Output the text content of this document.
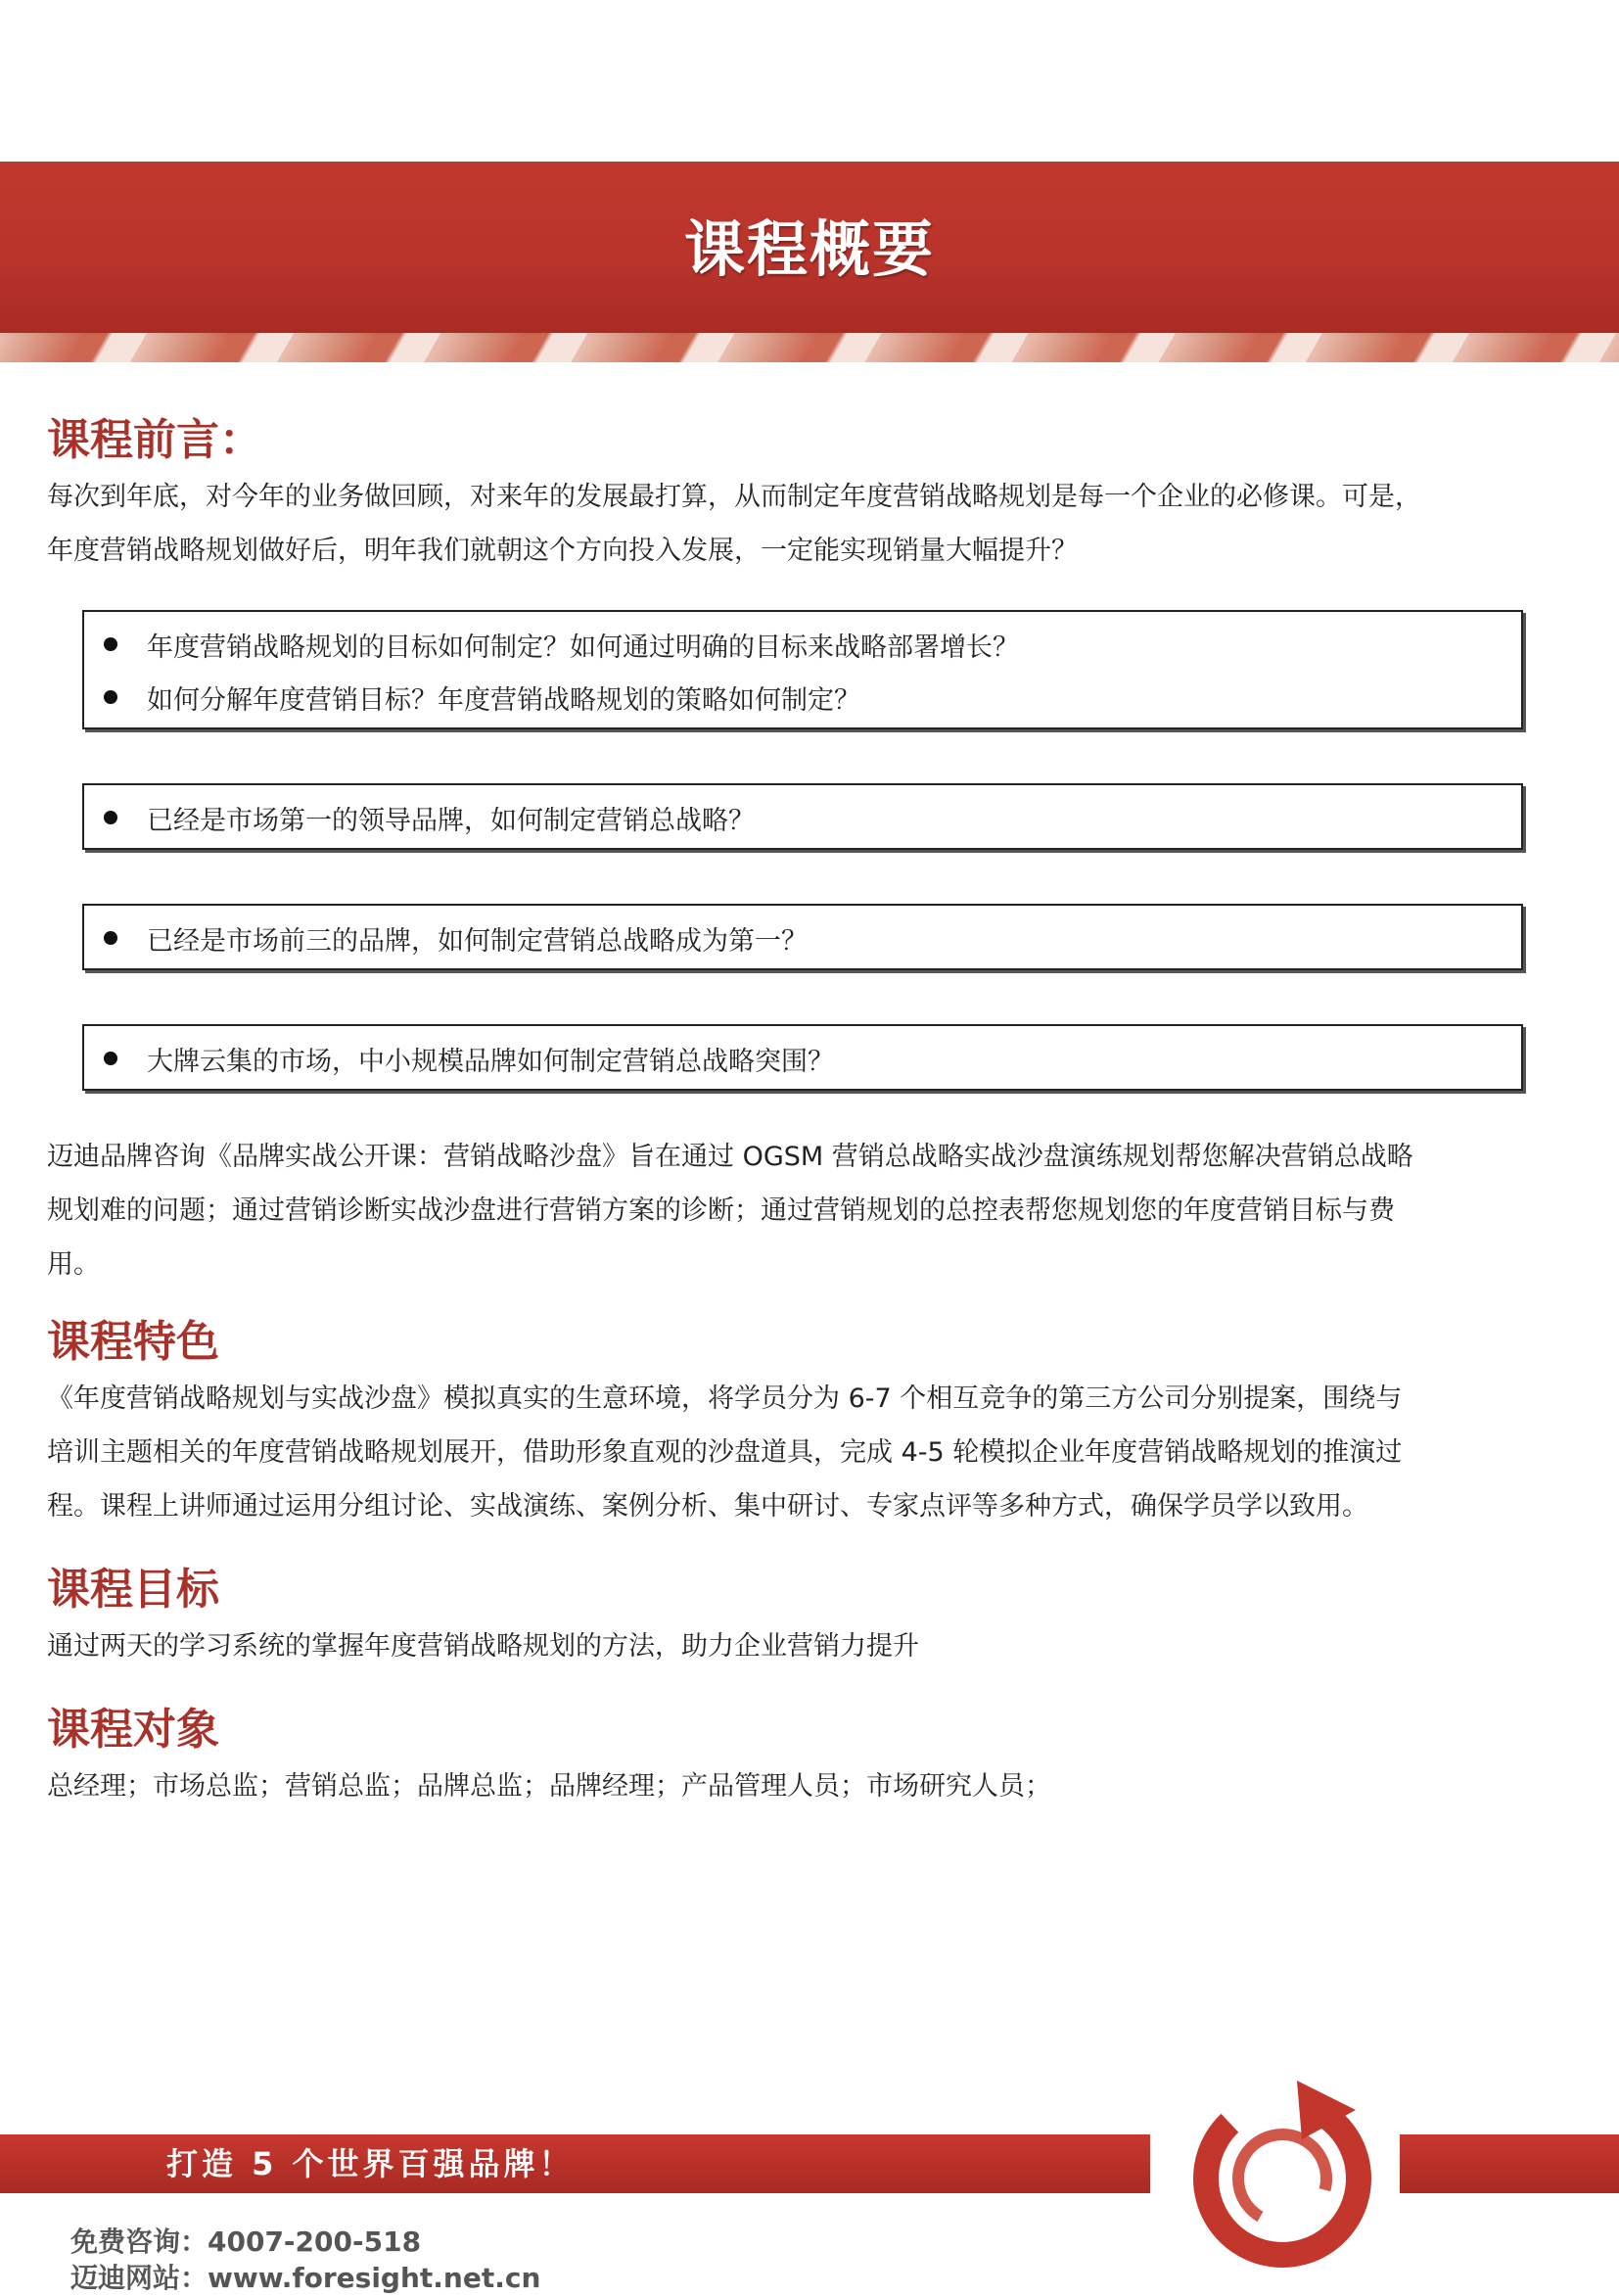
课程概要
课程前言：

每次到年底，对今年的业务做回顾，对来年的发展最打算，从而制定年度营销战略规划是每一个企业的必修课。可是，

年度营销战略规划做好后，明年我们就朝这个方向投入发展，一定能实现销量大幅提升？

年度营销战略规划的目标如何制定？如何通过明确的目标来战略部署增长？
如何分解年度营销目标？年度营销战略规划的策略如何制定？
已经是市场第一的领导品牌，如何制定营销总战略？
已经是市场前三的品牌，如何制定营销总战略成为第一？
大牌云集的市场，中小规模品牌如何制定营销总战略突围？

迈迪品牌咨询《品牌实战公开课：营销战略沙盘》旨在通过 OGSM 营销总战略实战沙盘演练规划帮您解决营销总战略

规划难的问题；通过营销诊断实战沙盘进行营销方案的诊断；通过营销规划的总控表帮您规划您的年度营销目标与费

用。

课程特色

《年度营销战略规划与实战沙盘》模拟真实的生意环境，将学员分为 6-7 个相互竞争的第三方公司分别提案，围绕与

培训主题相关的年度营销战略规划展开，借助形象直观的沙盘道具，完成 4-5 轮模拟企业年度营销战略规划的推演过

程。课程上讲师通过运用分组讨论、实战演练、案例分析、集中研讨、专家点评等多种方式，确保学员学以致用。

课程目标

通过两天的学习系统的掌握年度营销战略规划的方法，助力企业营销力提升

课程对象

总经理；市场总监；营销总监；品牌总监；品牌经理；产品管理人员；市场研究人员；

打造 5 个世界百强品牌！
免费咨询：4007-200-518
迈迪网站：www.foresight.net.cn
